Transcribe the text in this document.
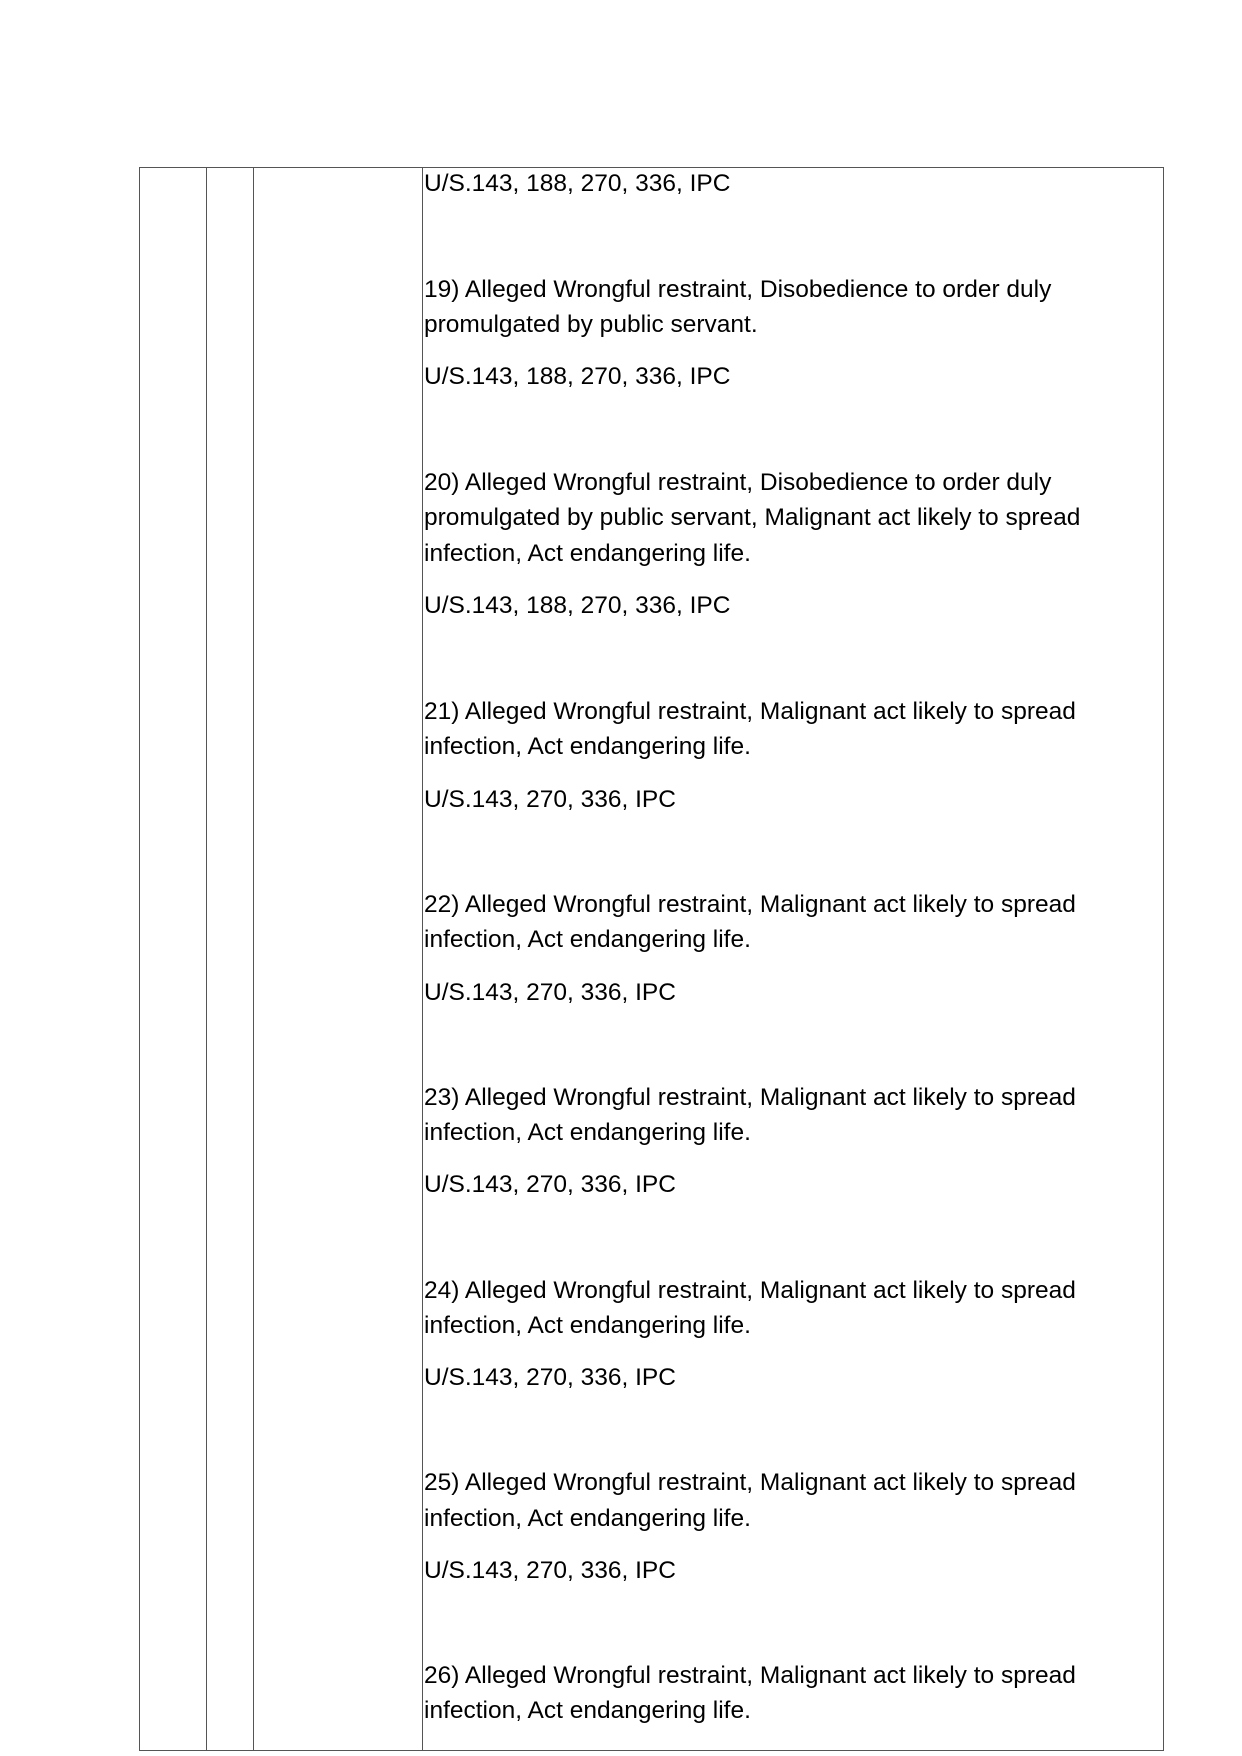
U/S.143, 188, 270, 336, IPC
19) Alleged Wrongful restraint, Disobedience to order duly
promulgated by public servant.
U/S.143, 188, 270, 336, IPC
20) Alleged Wrongful restraint, Disobedience to order duly
promulgated by public servant, Malignant act likely to spread
infection, Act endangering life.
U/S.143, 188, 270, 336, IPC
21) Alleged Wrongful restraint, Malignant act likely to spread
infection, Act endangering life.
U/S.143, 270, 336, IPC
22) Alleged Wrongful restraint, Malignant act likely to spread
infection, Act endangering life.
U/S.143, 270, 336, IPC
23) Alleged Wrongful restraint, Malignant act likely to spread
infection, Act endangering life.
U/S.143, 270, 336, IPC
24) Alleged Wrongful restraint, Malignant act likely to spread
infection, Act endangering life.
U/S.143, 270, 336, IPC
25) Alleged Wrongful restraint, Malignant act likely to spread
infection, Act endangering life.
U/S.143, 270, 336, IPC
26) Alleged Wrongful restraint, Malignant act likely to spread
infection, Act endangering life.
